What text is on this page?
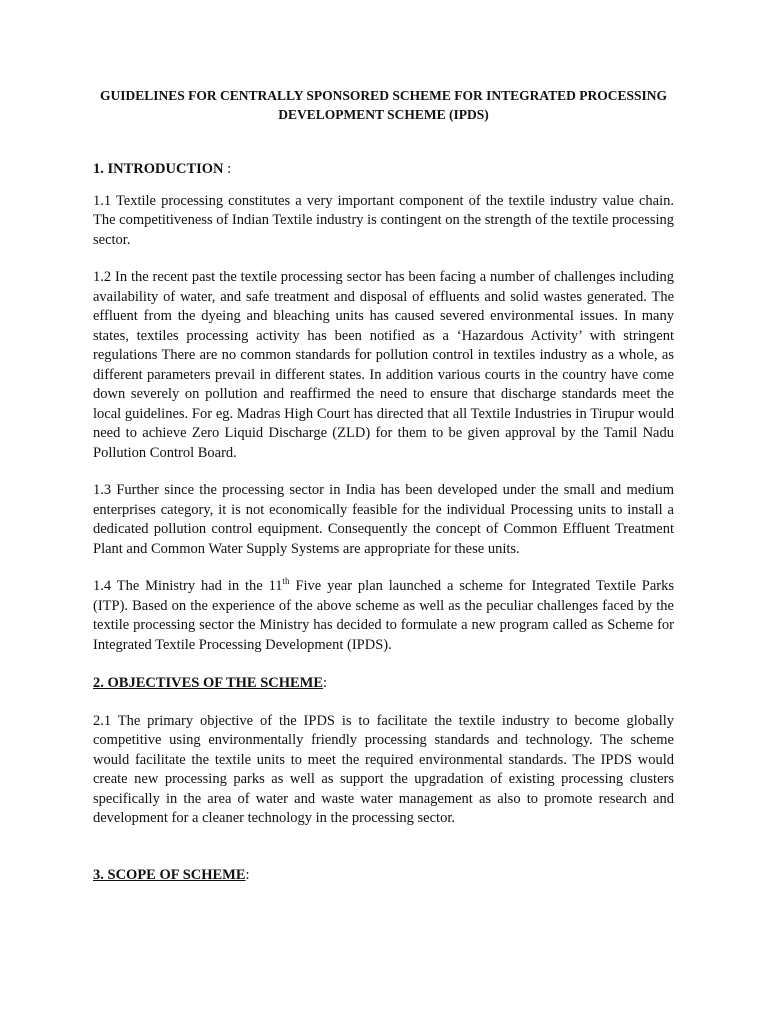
GUIDELINES FOR CENTRALLY SPONSORED SCHEME FOR INTEGRATED PROCESSING DEVELOPMENT SCHEME (IPDS)

1. INTRODUCTION :

1.1 Textile processing constitutes a very important component of the textile industry value chain. The competitiveness of Indian Textile industry is contingent on the strength of the textile processing sector.

1.2 In the recent past the textile processing sector has been facing a number of challenges including availability of water, and safe treatment and disposal of effluents and solid wastes generated. The effluent from the dyeing and bleaching units has caused severed environmental issues. In many states, textiles processing activity has been notified as a ‘Hazardous Activity’ with stringent regulations There are no common standards for pollution control in textiles industry as a whole, as different parameters prevail in different states. In addition various courts in the country have come down severely on pollution and reaffirmed the need to ensure that discharge standards meet the local guidelines. For eg. Madras High Court has directed that all Textile Industries in Tirupur would need to achieve Zero Liquid Discharge (ZLD) for them to be given approval by the Tamil Nadu Pollution Control Board.

1.3 Further since the processing sector in India has been developed under the small and medium enterprises category, it is not economically feasible for the individual Processing units to install a dedicated pollution control equipment. Consequently the concept of Common Effluent Treatment Plant and Common Water Supply Systems are appropriate for these units.

1.4 The Ministry had in the 11th Five year plan launched a scheme for Integrated Textile Parks (ITP). Based on the experience of the above scheme as well as the peculiar challenges faced by the textile processing sector the Ministry has decided to formulate a new program called as Scheme for Integrated Textile Processing Development (IPDS).

2. OBJECTIVES OF THE SCHEME:

2.1 The primary objective of the IPDS is to facilitate the textile industry to become globally competitive using environmentally friendly processing standards and technology. The scheme would facilitate the textile units to meet the required environmental standards. The IPDS would create new processing parks as well as support the upgradation of existing processing clusters specifically in the area of water and waste water management as also to promote research and development for a cleaner technology in the processing sector.

3. SCOPE OF SCHEME:
